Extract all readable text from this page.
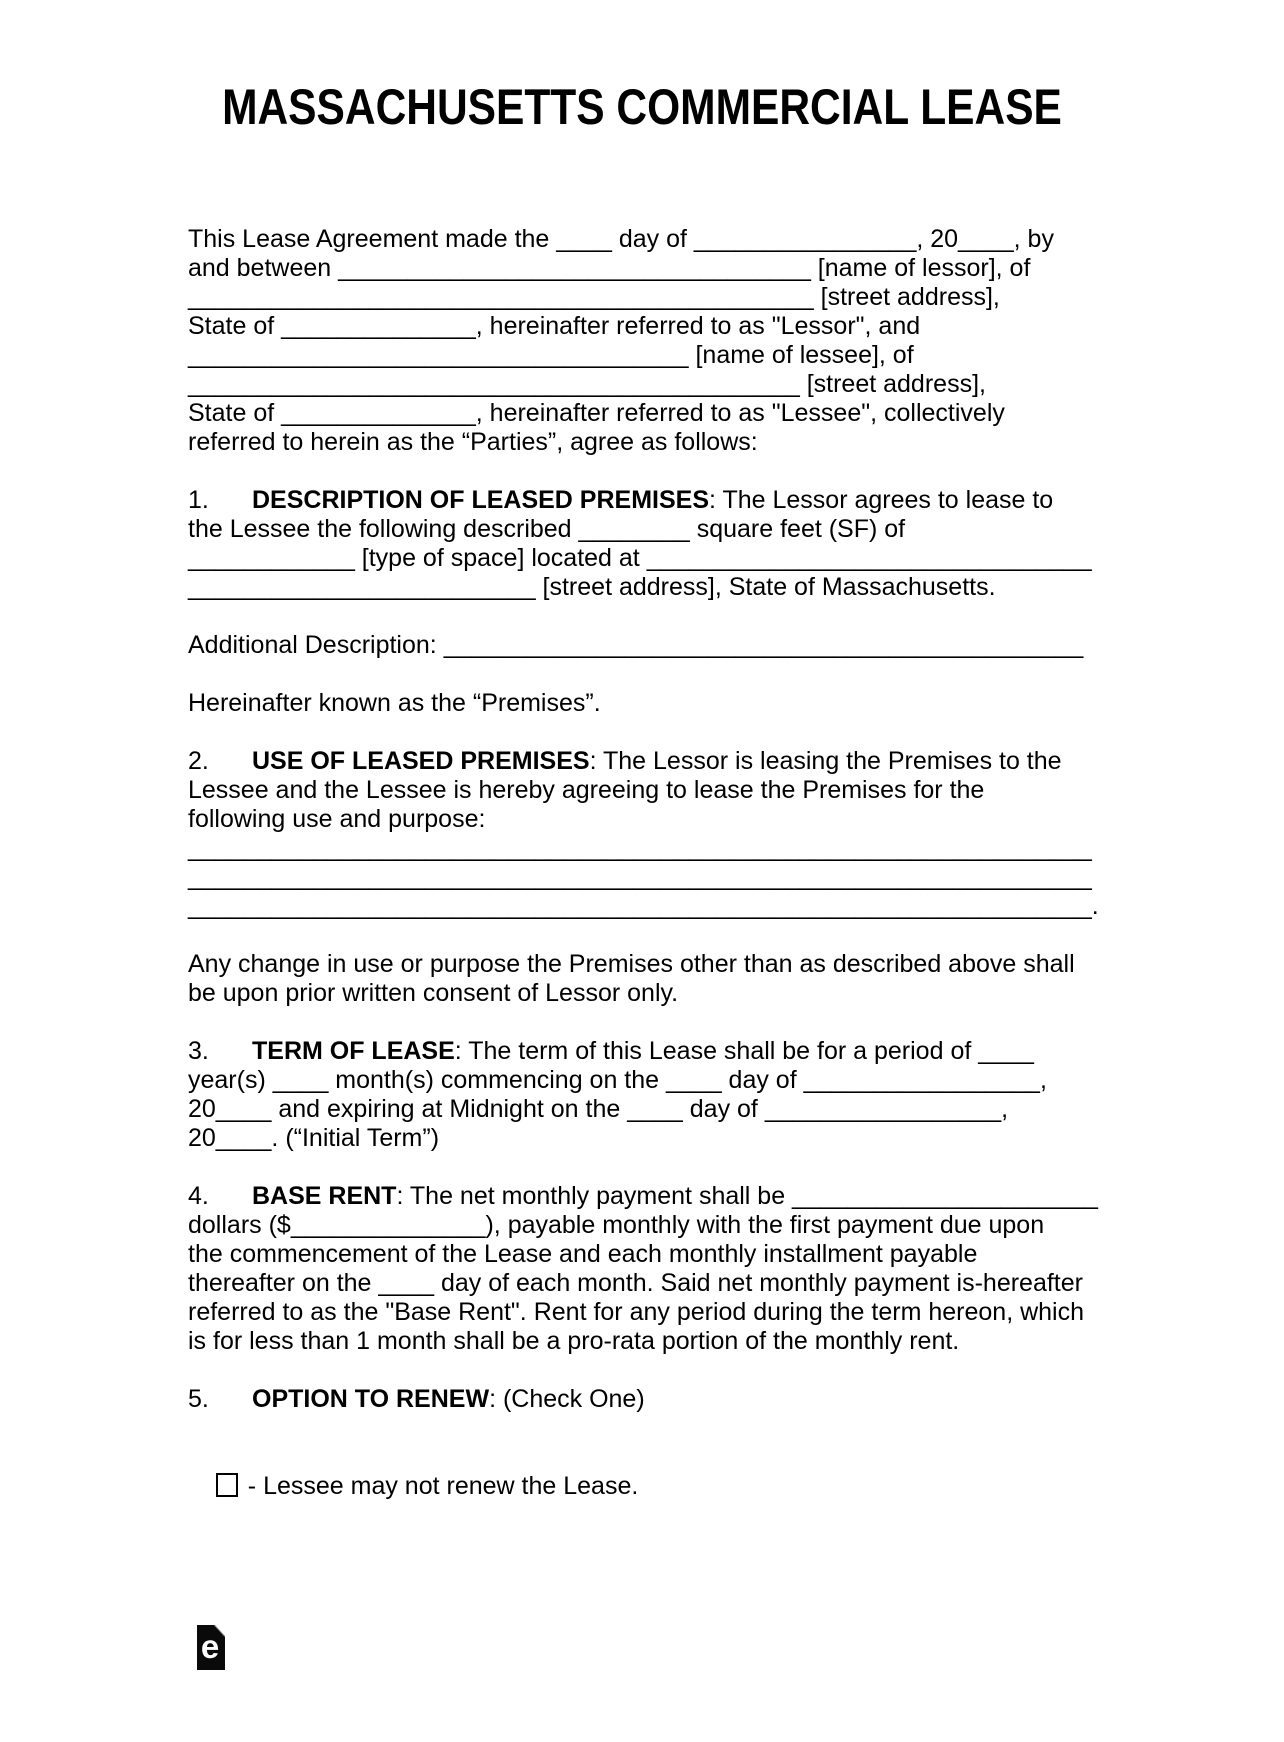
MASSACHUSETTS COMMERCIAL LEASE
This Lease Agreement made the ____ day of ________________, 20____, by
and between __________________________________ [name of lessor], of
_____________________________________________ [street address],
State of ______________, hereinafter referred to as "Lessor", and
____________________________________ [name of lessee], of
____________________________________________ [street address],
State of ______________, hereinafter referred to as "Lessee", collectively
referred to herein as the “Parties”, agree as follows:
1. DESCRIPTION OF LEASED PREMISES: The Lessor agrees to lease to
the Lessee the following described ________ square feet (SF) of
____________ [type of space] located at ________________________________
_________________________ [street address], State of Massachusetts.
Additional Description: ______________________________________________
Hereinafter known as the “Premises”.
2. USE OF LEASED PREMISES: The Lessor is leasing the Premises to the
Lessee and the Lessee is hereby agreeing to lease the Premises for the
following use and purpose:
_________________________________________________________________
_________________________________________________________________
_________________________________________________________________.
Any change in use or purpose the Premises other than as described above shall
be upon prior written consent of Lessor only.
3. TERM OF LEASE: The term of this Lease shall be for a period of ____
year(s) ____ month(s) commencing on the ____ day of _________________,
20____ and expiring at Midnight on the ____ day of _________________,
20____. (“Initial Term”)
4. BASE RENT: The net monthly payment shall be ______________________
dollars ($______________), payable monthly with the first payment due upon
the commencement of the Lease and each monthly installment payable
thereafter on the ____ day of each month. Said net monthly payment is-hereafter
referred to as the "Base Rent". Rent for any period during the term hereon, which
is for less than 1 month shall be a pro-rata portion of the monthly rent.
5. OPTION TO RENEW: (Check One)

- Lessee may not renew the Lease.

e
